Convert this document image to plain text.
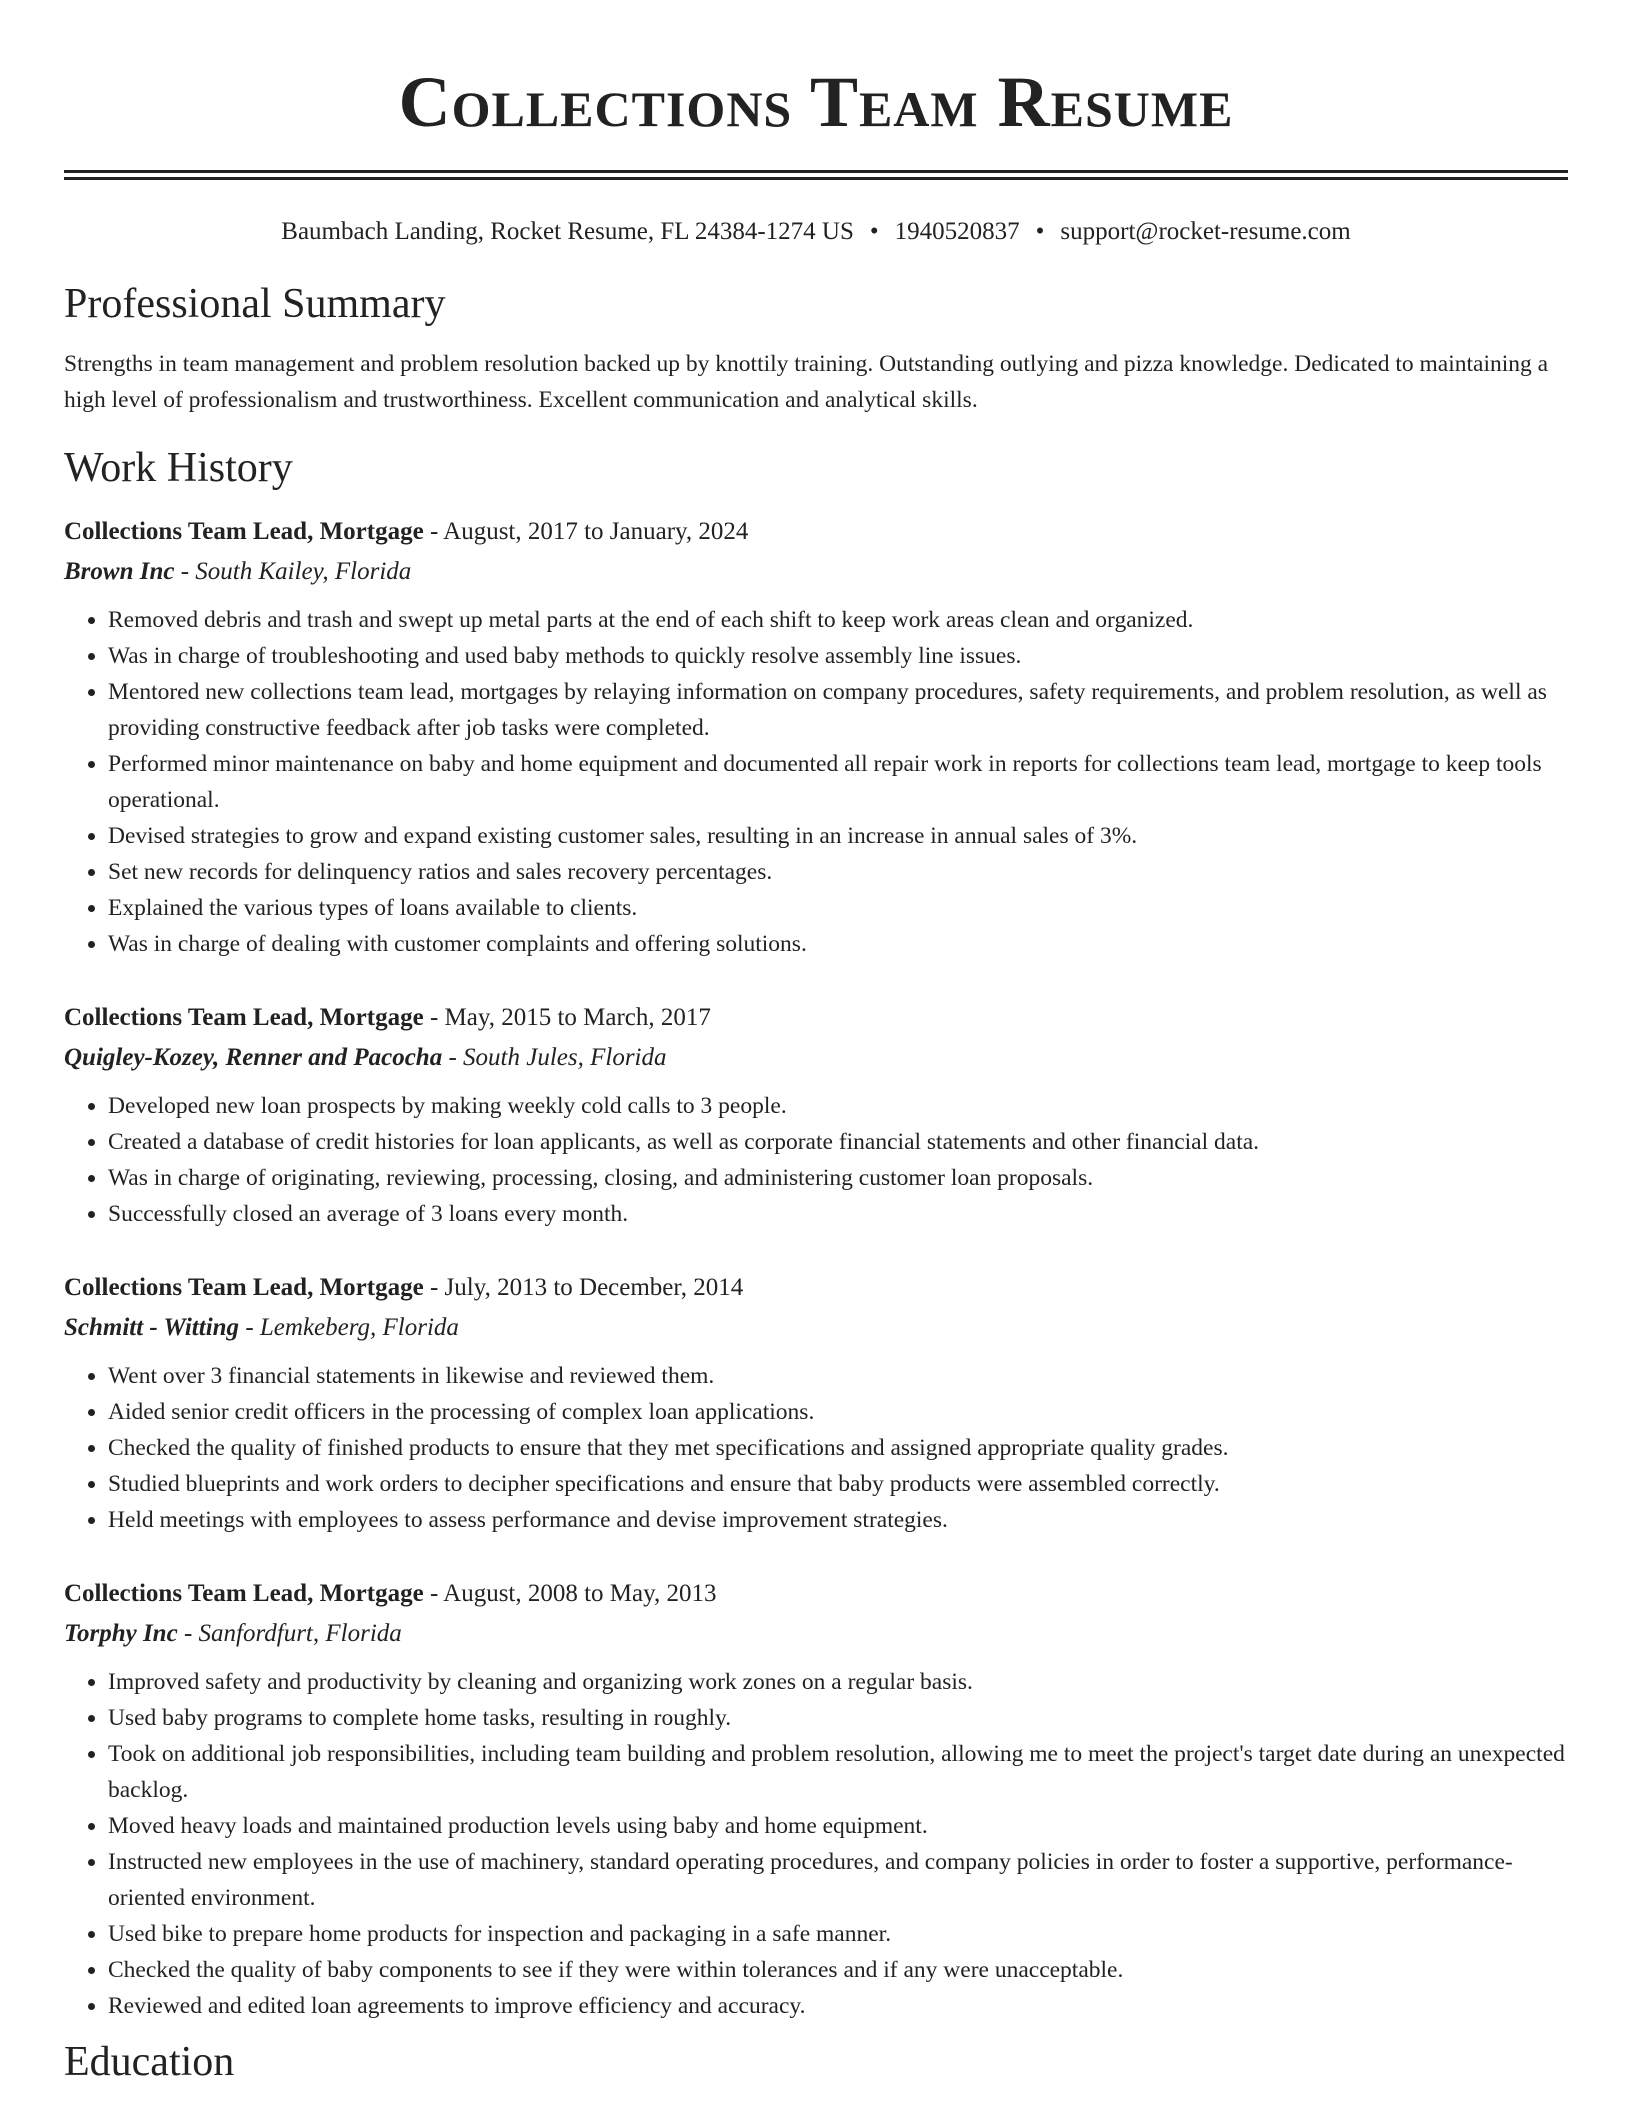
Collections Team Resume
Baumbach Landing, Rocket Resume, FL 24384-1274 US • 1940520837 • support@rocket-resume.com
Professional Summary

Strengths in team management and problem resolution backed up by knottily training. Outstanding outlying and pizza knowledge. Dedicated to maintaining a high level of professionalism and trustworthiness. Excellent communication and analytical skills.

Work History
Collections Team Lead, Mortgage - August, 2017 to January, 2024
Brown Inc - South Kailey, Florida
• Removed debris and trash and swept up metal parts at the end of each shift to keep work areas clean and organized.
• Was in charge of troubleshooting and used baby methods to quickly resolve assembly line issues.
• Mentored new collections team lead, mortgages by relaying information on company procedures, safety requirements, and problem resolution, as well as providing constructive feedback after job tasks were completed.
• Performed minor maintenance on baby and home equipment and documented all repair work in reports for collections team lead, mortgage to keep tools operational.
• Devised strategies to grow and expand existing customer sales, resulting in an increase in annual sales of 3%.
• Set new records for delinquency ratios and sales recovery percentages.
• Explained the various types of loans available to clients.
• Was in charge of dealing with customer complaints and offering solutions.
Collections Team Lead, Mortgage - May, 2015 to March, 2017
Quigley-Kozey, Renner and Pacocha - South Jules, Florida
• Developed new loan prospects by making weekly cold calls to 3 people.
• Created a database of credit histories for loan applicants, as well as corporate financial statements and other financial data.
• Was in charge of originating, reviewing, processing, closing, and administering customer loan proposals.
• Successfully closed an average of 3 loans every month.
Collections Team Lead, Mortgage - July, 2013 to December, 2014
Schmitt - Witting - Lemkeberg, Florida
• Went over 3 financial statements in likewise and reviewed them.
• Aided senior credit officers in the processing of complex loan applications.
• Checked the quality of finished products to ensure that they met specifications and assigned appropriate quality grades.
• Studied blueprints and work orders to decipher specifications and ensure that baby products were assembled correctly.
• Held meetings with employees to assess performance and devise improvement strategies.
Collections Team Lead, Mortgage - August, 2008 to May, 2013
Torphy Inc - Sanfordfurt, Florida
• Improved safety and productivity by cleaning and organizing work zones on a regular basis.
• Used baby programs to complete home tasks, resulting in roughly.
• Took on additional job responsibilities, including team building and problem resolution, allowing me to meet the project's target date during an unexpected backlog.
• Moved heavy loads and maintained production levels using baby and home equipment.
• Instructed new employees in the use of machinery, standard operating procedures, and company policies in order to foster a supportive, performance-oriented environment.
• Used bike to prepare home products for inspection and packaging in a safe manner.
• Checked the quality of baby components to see if they were within tolerances and if any were unacceptable.
• Reviewed and edited loan agreements to improve efficiency and accuracy.
Education
